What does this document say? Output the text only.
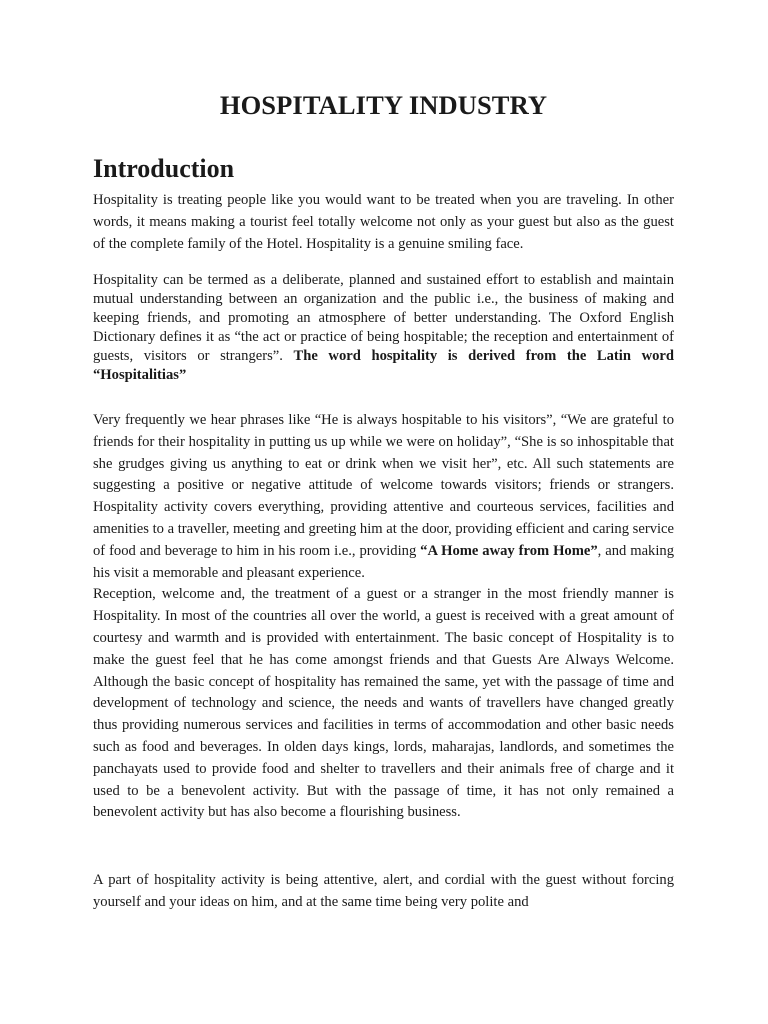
HOSPITALITY INDUSTRY
Introduction

Hospitality is treating people like you would want to be treated when you are traveling. In other words, it means making a tourist feel totally welcome not only as your guest but also as the guest of the complete family of the Hotel. Hospitality is a genuine smiling face.

Hospitality can be termed as a deliberate, planned and sustained effort to establish and maintain mutual understanding between an organization and the public i.e., the business of making and keeping friends, and promoting an atmosphere of better understanding. The Oxford English Dictionary defines it as “the act or practice of being hospitable; the reception and entertainment of guests, visitors or strangers”. The word hospitality is derived from the Latin word “Hospitalitias”

Very frequently we hear phrases like “He is always hospitable to his visitors”, “We are grateful to friends for their hospitality in putting us up while we were on holiday”, “She is so inhospitable that she grudges giving us anything to eat or drink when we visit her”, etc. All such statements are suggesting a positive or negative attitude of welcome towards visitors; friends or strangers. Hospitality activity covers everything, providing attentive and courteous services, facilities and amenities to a traveller, meeting and greeting him at the door, providing efficient and caring service of food and beverage to him in his room i.e., providing “A Home away from Home”, and making his visit a memorable and pleasant experience.
Reception, welcome and, the treatment of a guest or a stranger in the most friendly manner is Hospitality. In most of the countries all over the world, a guest is received with a great amount of courtesy and warmth and is provided with entertainment. The basic concept of Hospitality is to make the guest feel that he has come amongst friends and that Guests Are Always Welcome. Although the basic concept of hospitality has remained the same, yet with the passage of time and development of technology and science, the needs and wants of travellers have changed greatly thus providing numerous services and facilities in terms of accommodation and other basic needs such as food and beverages. In olden days kings, lords, maharajas, landlords, and sometimes the panchayats used to provide food and shelter to travellers and their animals free of charge and it used to be a benevolent activity. But with the passage of time, it has not only remained a benevolent activity but has also become a flourishing business.

A part of hospitality activity is being attentive, alert, and cordial with the guest without forcing yourself and your ideas on him, and at the same time being very polite and
